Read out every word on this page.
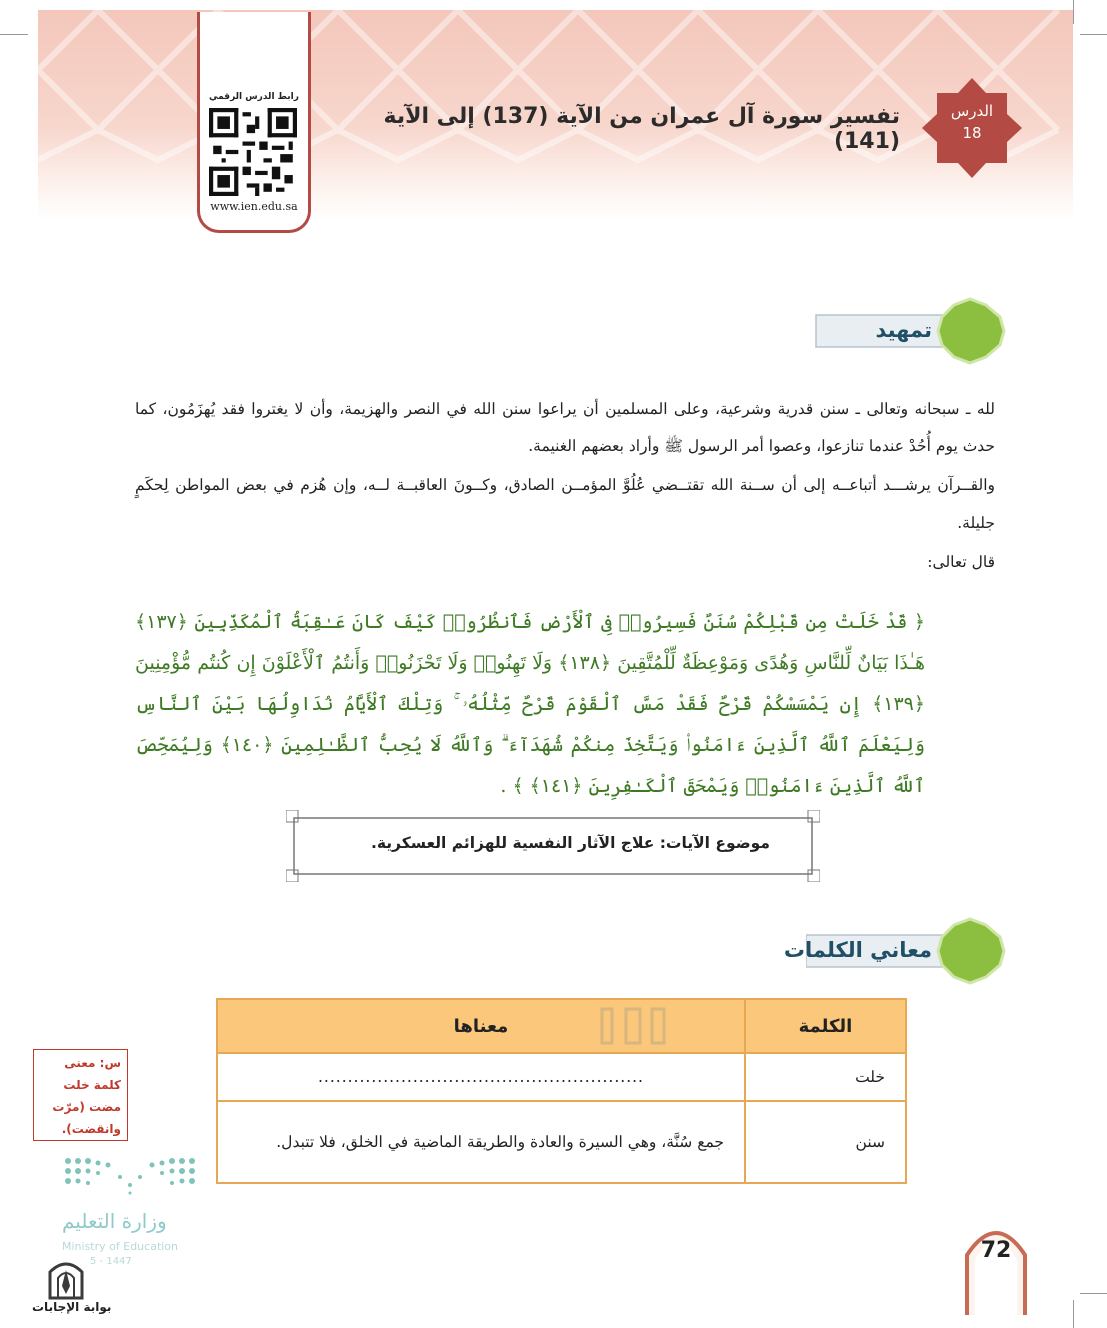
رابط الدرس الرقمي
www.ien.edu.sa
الدرس
18
تفسير سورة آل عمران من الآية (137) إلى الآية (141)
تمهيد
لله ـ سبحانه وتعالى ـ سنن قدرية وشرعية، وعلى المسلمين أن يراعوا سنن الله في النصر والهزيمة، وأن لا يغتروا فقد يُهزَمُون، كما حدث يوم أُحُدْ عندما تنازعوا، وعصوا أمر الرسول ﷺ وأراد بعضهم الغنيمة.
والقــرآن يرشـــد أتباعــه إلى أن ســنة الله تقتــضي عُلُوَّ المؤمــن الصادق، وكــونَ العاقبــة لــه، وإن هُزم في بعض المواطن لِحكَمٍ جليلة.
قال تعالى:
﴿ قَدْ خَلَتْ مِن قَبْلِكُمْ سُنَنٌ فَسِيرُوا۟ فِى ٱلْأَرْضِ فَٱنظُرُوا۟ كَيْفَ كَانَ عَـٰقِبَةُ ٱلْمُكَذِّبِينَ ﴿١٣٧﴾ هَـٰذَا بَيَانٌ لِّلنَّاسِ وَهُدًى وَمَوْعِظَةٌ لِّلْمُتَّقِينَ ﴿١٣٨﴾ وَلَا تَهِنُوا۟ وَلَا تَحْزَنُوا۟ وَأَنتُمُ ٱلْأَعْلَوْنَ إِن كُنتُم مُّؤْمِنِينَ ﴿١٣٩﴾ إِن يَمْسَسْكُمْ قَرْحٌ فَقَدْ مَسَّ ٱلْقَوْمَ قَرْحٌ مِّثْلُهُۥ ۚ وَتِلْكَ ٱلْأَيَّامُ نُدَاوِلُهَا بَيْنَ ٱلنَّاسِ وَلِيَعْلَمَ ٱللَّهُ ٱلَّذِينَ ءَامَنُوا۟ وَيَتَّخِذَ مِنكُمْ شُهَدَآءَ ۗ وَٱللَّهُ لَا يُحِبُّ ٱلظَّـٰلِمِينَ ﴿١٤٠﴾ وَلِيُمَحِّصَ ٱللَّهُ ٱلَّذِينَ ءَامَنُوا۟ وَيَمْحَقَ ٱلْكَـٰفِرِينَ ﴿١٤١﴾ ﴾ .
موضوع الآيات: علاج الآثار النفسية للهزائم العسكرية.
معاني الكلمات
الكلمة	معناها
خلت	.......................................................
سنن	جمع سُنَّة، وهي السيرة والعادة والطريقة الماضية في الخلق، فلا تتبدل.
س: معنى كلمة خلت مضت (مرّت وانقضت).
وزارة التعليم
Ministry of Education
5 - 1447
بوابة الإجابات
72
